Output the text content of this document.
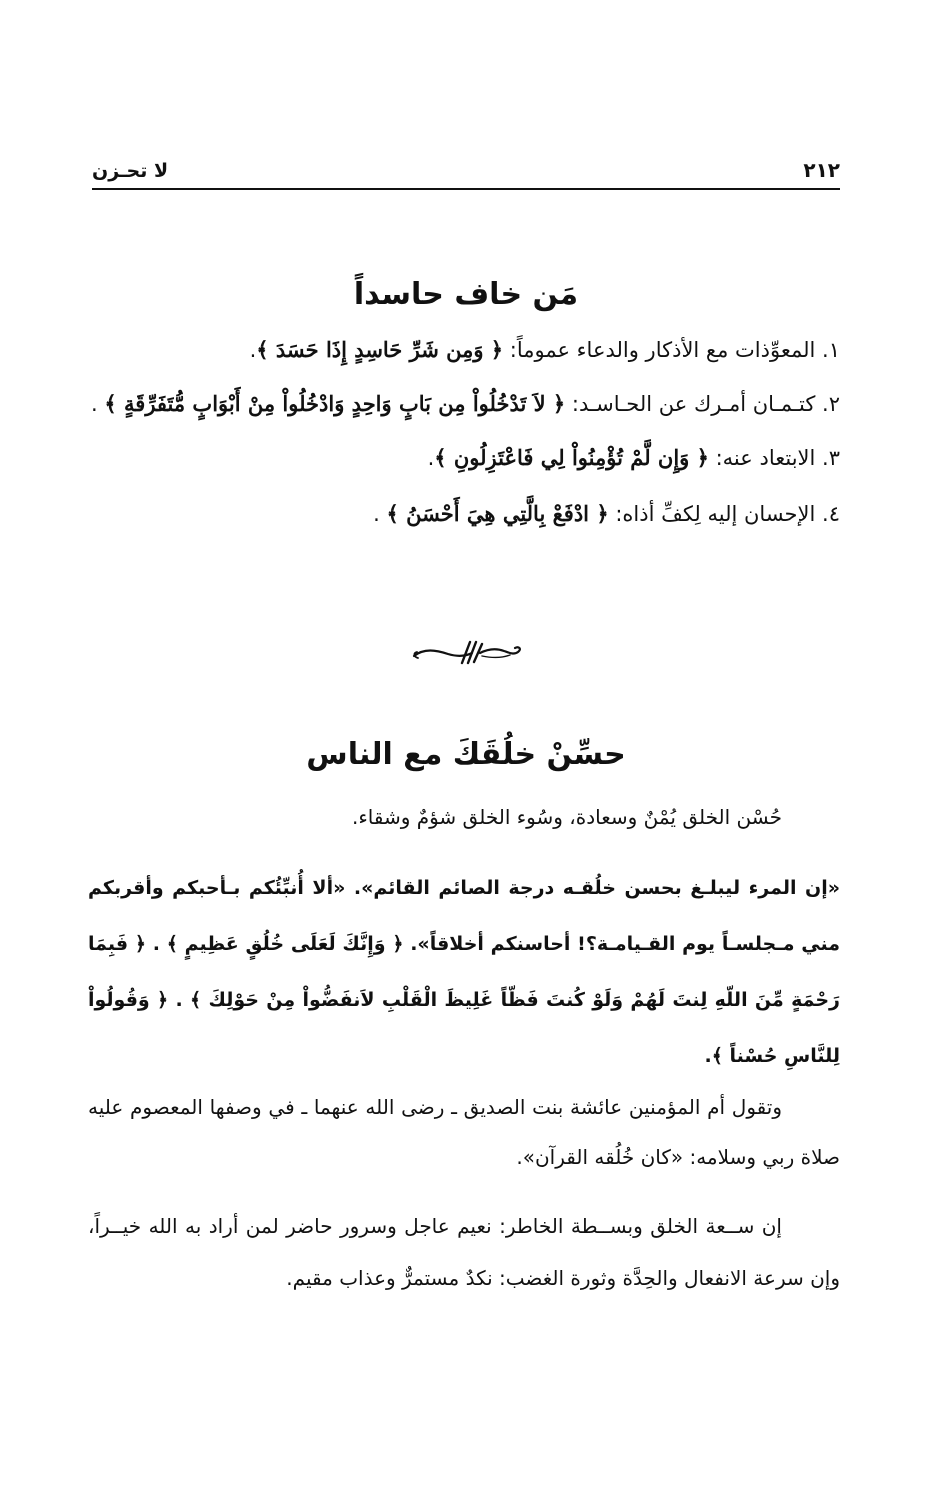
٢١٢
لا تحـزن
مَن خاف حاسداً

١. المعوِّذات مع الأذكار والدعاء عموماً: ﴿ وَمِن شَرِّ حَاسِدٍ إِذَا حَسَدَ ﴾.

٢. كتـمـان أمـرك عن الحـاسـد: ﴿ لاَ تَدْخُلُواْ مِن بَابٍ وَاحِدٍ وَادْخُلُواْ مِنْ أَبْوَابٍ مُّتَفَرِّقَةٍ ﴾ .

٣. الابتعاد عنه: ﴿ وَإِن لَّمْ تُؤْمِنُواْ لِي فَاعْتَزِلُونِ ﴾.

٤. الإحسان إليه لِكفِّ أذاه: ﴿ ادْفَعْ بِالَّتِي هِيَ أَحْسَنُ ﴾ .

حسِّنْ خلُقَكَ مع الناس

حُسْن الخلق يُمْنٌ وسعادة، وسُوء الخلق شؤمٌ وشقاء.

«إن المرء ليبلـغ بحسن خلُقـه درجة الصائم القائم». «ألا أُنبِّئُكم بـأحبكم وأقربكم مني مـجلسـاً يوم القـيامـة؟! أحاسنكم أخلاقاً». ﴿ وَإِنَّكَ لَعَلَى خُلُقٍ عَظِيمٍ ﴾ . ﴿ فَبِمَا رَحْمَةٍ مِّنَ اللّهِ لِنتَ لَهُمْ وَلَوْ كُنتَ فَظّاً غَلِيظَ الْقَلْبِ لاَنفَضُّواْ مِنْ حَوْلِكَ ﴾ . ﴿ وَقُولُواْ لِلنَّاسِ حُسْناً ﴾.

وتقول أم المؤمنين عائشة بنت الصديق ـ رضى الله عنهما ـ في وصفها المعصوم عليه صلاة ربي وسلامه: «كان خُلُقه القرآن».

إن ســعة الخلق وبســطة الخاطر: نعيم عاجل وسرور حاضر لمن أراد به الله خيــراً، وإن سرعة الانفعال والحِدَّة وثورة الغضب: نكدٌ مستمرٌّ وعذاب مقيم.
